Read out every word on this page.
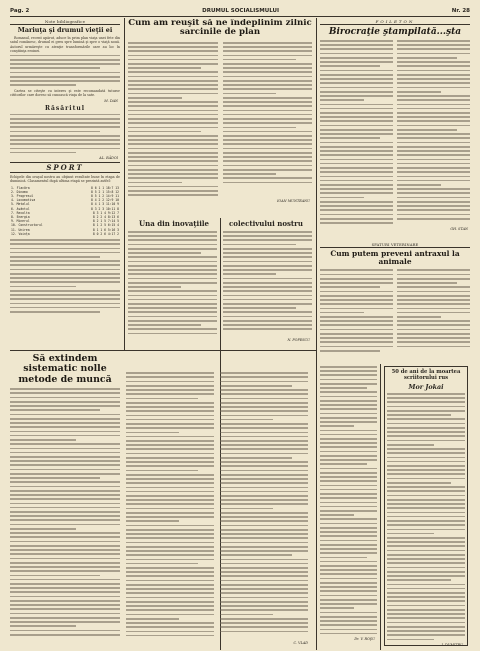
Pag. 2	DRUMUL SOCIALISMULUI	Nr. 28
Note bibliografice
Mariuţa şi drumul vieţii ei

Romanul, recent apărut, aduce în prim plan viaţa unei fete din satul românesc, drumul ei greu spre lumină şi spre o viaţă nouă. Autorul urmăreşte cu atenţie transformările care au loc în conştiinţa eroinei.

Cartea se citeşte cu interes şi este recomandată tuturor cititorilor care doresc să cunoască viaţa de la sate.

M. DAN
Răsăritul
AL. RĂDOI
SPORT
Echipele din oraşul nostru au obţinut rezultate bune în etapa de duminică. Clasamentul după ultima etapă se prezintă astfel:
1. Flacăra	8 6 1 1 18:7 13
2. Dinamo	8 5 2 1 15:8 12
3. Progresul	8 5 1 2 14:9 11
4. Locomotiva	8 4 2 2 12:9 10
5. Metalul	8 4 1 3 11:10 9
6. Avântul	8 3 2 3 10:11 8
7. Recolta	8 3 1 4 9:12 7
8. Energia	8 2 2 4 8:13 6
9. Minerul	8 2 1 5 7:14 5
10. Constructorul	8 1 2 5 6:15 4
11. Unirea	8 1 1 6 5:16 3
12. Voinţa	8 0 2 6 4:17 2
Cum am reuşit să ne îndeplinim zilnic sarcinile de plan
IOAN MUNTEANU
Una din inovaţiile	colectivului nostru
N. POPESCU
FOILETON
Birocraţie ştampilată...şta
GH. STAN
SFATURI VETERINARE
Cum putem preveni antraxul la animale
Dr. V. ROŞU
50 de ani de la moartea scriitorului rus
Mor Jokai
I. DUMITRU
Să extindem sistematic nolle metode de muncă
C. VLAD
